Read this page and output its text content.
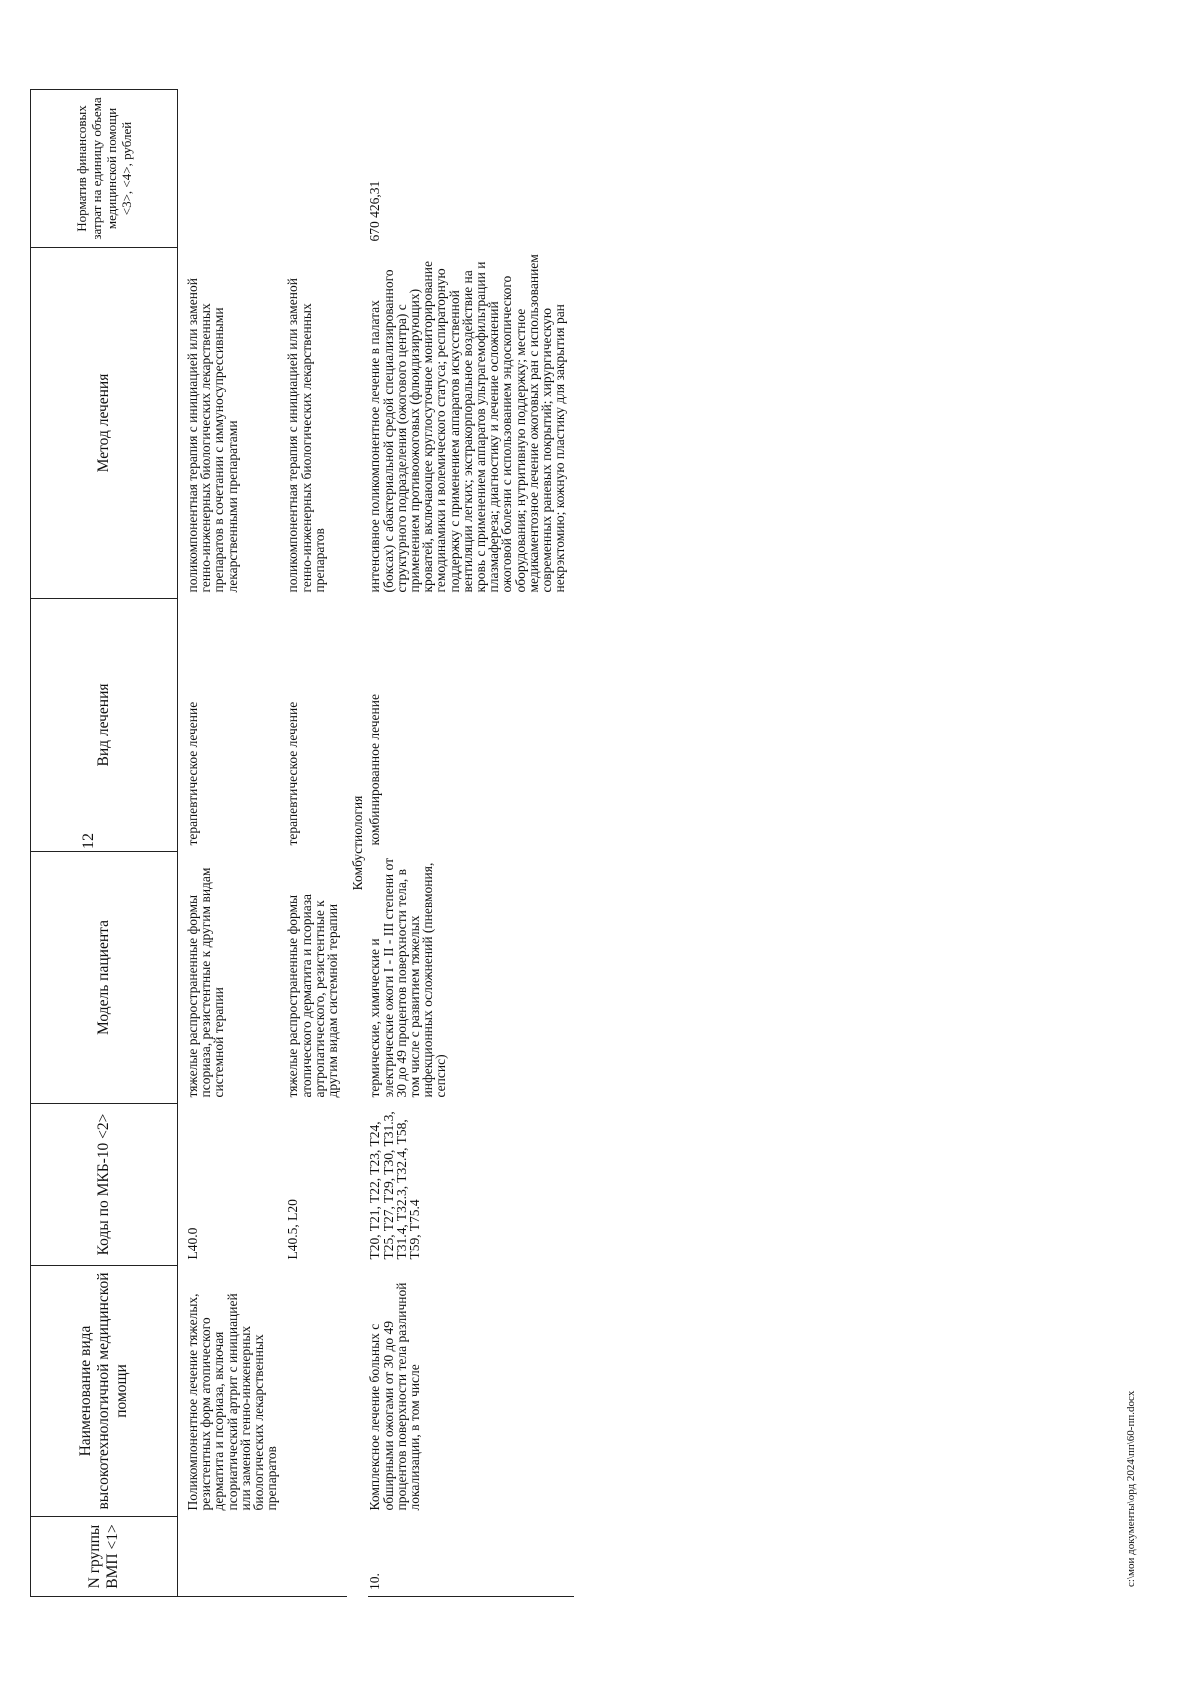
12
N группы ВМП <1>	Наименование вида высокотехнологичной медицинской помощи	Коды по МКБ-10 <2>	Модель пациента	Вид лечения	Метод лечения	Норматив финансовых затрат на единицу объема медицинской помощи <3>, <4>, рублей
	Поликомпонентное лечение тяжелых, резистентных форм атопического дерматита и псориаза, включая псориатический артрит с инициацией или заменой генно-инженерных биологических лекарственных препаратов	L40.0	тяжелые распространенные формы псориаза, резистентные к другим видам системной терапии	терапевтическое лечение	поликомпонентная терапия с инициацией или заменой генно-инженерных биологических лекарственных препаратов в сочетании с иммуносупрессивными лекарственными препаратами	
		L40.5, L20	тяжелые распространенные формы атопического дерматита и псориаза артропатического, резистентные к другим видам системной терапии	терапевтическое лечение	поликомпонентная терапия с инициацией или заменой генно-инженерных биологических лекарственных препаратов	
Комбустиология						
10.	Комплексное лечение больных с обширными ожогами от 30 до 49 процентов поверхности тела различной локализации, в том числе	T20, T21, T22, T23, T24, T25, T27, T29, T30, T31.3, T31.4, T32.3, T32.4, T58, T59, T75.4	термические, химические и электрические ожоги I - II - III степени от 30 до 49 процентов поверхности тела, в том числе с развитием тяжелых инфекционных осложнений (пневмония, сепсис)	комбинированное лечение	интенсивное поликомпонентное лечение в палатах (боксах) с абактериальной средой специализированного структурного подразделения (ожогового центра) с применением противоожоговых (флюидизирующих) кроватей, включающее круглосуточное мониторирование гемодинамики и волемического статуса; респираторную поддержку с применением аппаратов искусственной вентиляции легких; экстракорпоральное воздействие на кровь с применением аппаратов ультрагемофильтрации и плазмафереза; диагностику и лечение осложнений ожоговой болезни с использованием эндоскопического оборудования; нутритивную поддержку; местное медикаментозное лечение ожоговых ран с использованием современных раневых покрытий; хирургическую некрэктомию; кожную пластику для закрытия ран	670 426,31
c:\мои документы\орд 2024\пп\60-пп.docx
